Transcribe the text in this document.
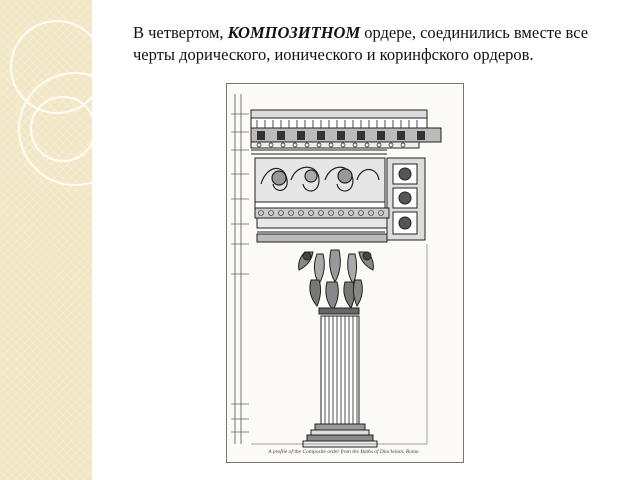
В четвертом, КОМПОЗИТНОМ ордере, соединились вместе все черты дорического, ионического и коринфского ордеров.

A profile of the Composite order from the Baths of Diocletian, Rome.
